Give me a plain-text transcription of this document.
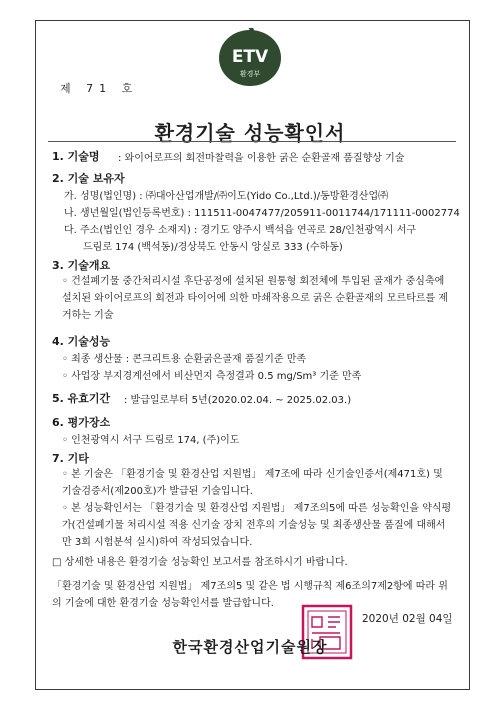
ETV
환경부
제 71 호
환경기술 성능확인서
1. 기술명 : 와이어로프의 회전마찰력을 이용한 굵은 순환골재 품질향상 기술
2. 기술 보유자
가. 성명(법인명) : ㈜대아산업개발/㈜이도(Yido Co.,Ltd.)/동방환경산업㈜
나. 생년월일(법인등록번호) : 111511-0047477/205911-0011744/171111-0002774
다. 주소(법인인 경우 소재지) : 경기도 양주시 백석읍 연곡로 28/인천광역시 서구
드림로 174 (백석동)/경상북도 안동시 앙실로 333 (수하동)
3. 기술개요
◦ 건설폐기물 중간처리시설 후단공정에 설치된 원통형 회전체에 투입된 골재가 중심축에 설치된 와이어로프의 회전과 타이어에 의한 마쇄작용으로 굵은 순환골재의 모르타르를 제거하는 기술
4. 기술성능
◦ 최종 생산물 : 콘크리트용 순환굵은골재 품질기준 만족
◦ 사업장 부지경계선에서 비산먼지 측정결과 0.5 mg/Sm³ 기준 만족
5. 유효기간 : 발급일로부터 5년(2020.02.04. ~ 2025.02.03.)
6. 평가장소
◦ 인천광역시 서구 드림로 174, (주)이도
7. 기타
◦ 본 기술은 「환경기술 및 환경산업 지원법」 제7조에 따라 신기술인증서(제471호) 및 기술검증서(제200호)가 발급된 기술입니다.
◦ 본 성능확인서는 「환경기술 및 환경산업 지원법」 제7조의5에 따른 성능확인을 약식평가(건설폐기물 처리시설 적용 신기술 장치 전후의 기술성능 및 최종생산물 품질에 대해서만 3회 시험분석 실시)하여 작성되었습니다.
□ 상세한 내용은 환경기술 성능확인 보고서를 참조하시기 바랍니다.
「환경기술 및 환경산업 지원법」 제7조의5 및 같은 법 시행규칙 제6조의7제2항에 따라 위의 기술에 대한 환경기술 성능확인서를 발급합니다.
2020년 02월 04일
한국환경산업기술원장
